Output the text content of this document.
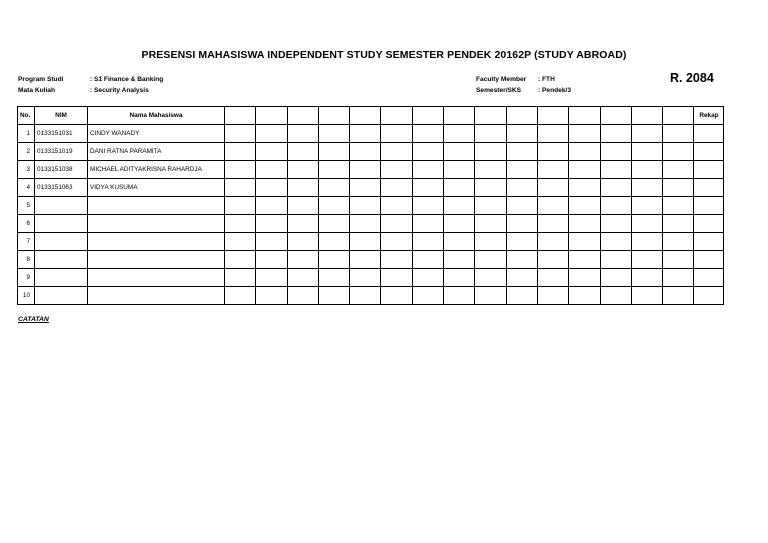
PRESENSI MAHASISWA INDEPENDENT STUDY SEMESTER PENDEK 20162P (STUDY ABROAD)
Program Studi	: S1 Finance & Banking
Mata Kuliah	: Security Analysis
Faculty Member	: FTH
Semester/SKS	: Pendek/3
R. 2084
No.	NIM	Nama Mahasiswa																Rekap
1	0133151031	CINDY WANADY																
2	0133151019	DANI RATNA PARAMITA																
3	0133151038	MICHAEL ADITYAKRISNA RAHARDJA																
4	0133151063	VIDYA KUSUMA																
5																		
6																		
7																		
8																		
9																		
10																		
CATATAN
